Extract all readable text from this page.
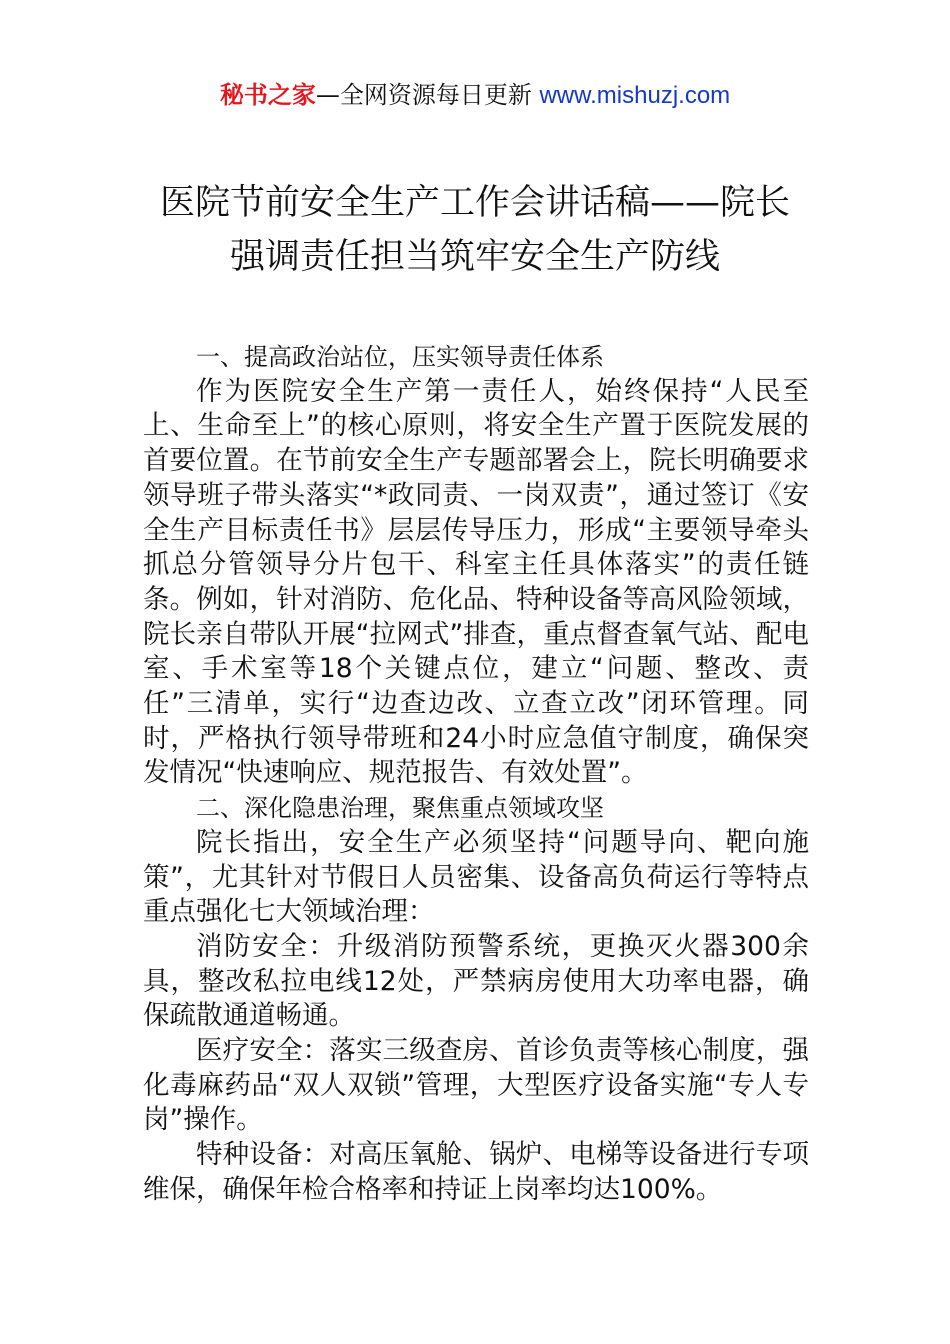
秘书之家—全网资源每日更新 www.mishuzj.com
医院节前安全生产工作会讲话稿——院长
强调责任担当筑牢安全生产防线

一、提高政治站位，压实领导责任体系

作为医院安全生产第一责任人，始终保持“人民至上、生命至上”的核心原则，将安全生产置于医院发展的首要位置。在节前安全生产专题部署会上，院长明确要求领导班子带头落实“*政同责、一岗双责”，通过签订《安全生产目标责任书》层层传导压力，形成“主要领导牵头抓总分管领导分片包干、科室主任具体落实”的责任链条。例如，针对消防、危化品、特种设备等高风险领域，院长亲自带队开展“拉网式”排查，重点督查氧气站、配电室、手术室等18个关键点位，建立“问题、整改、责任”三清单，实行“边查边改、立查立改”闭环管理。同时，严格执行领导带班和24小时应急值守制度，确保突发情况“快速响应、规范报告、有效处置”。

二、深化隐患治理，聚焦重点领域攻坚

院长指出，安全生产必须坚持“问题导向、靶向施策”，尤其针对节假日人员密集、设备高负荷运行等特点重点强化七大领域治理：

消防安全：升级消防预警系统，更换灭火器300余具，整改私拉电线12处，严禁病房使用大功率电器，确保疏散通道畅通。

医疗安全：落实三级查房、首诊负责等核心制度，强化毒麻药品“双人双锁”管理，大型医疗设备实施“专人专岗”操作。

特种设备：对高压氧舱、锅炉、电梯等设备进行专项维保，确保年检合格率和持证上岗率均达100%。
